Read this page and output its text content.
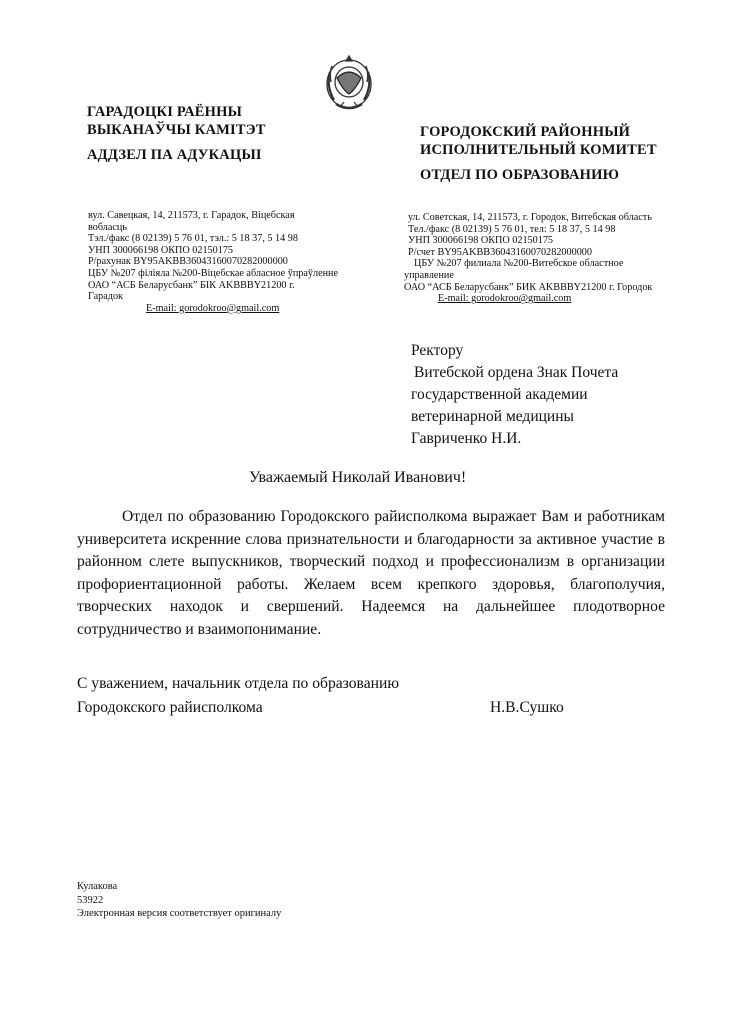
ГАРАДОЦКІ РАЁННЫ
ВЫКАНАЎЧЫ КАМІТЭТ
АДДЗЕЛ ПА АДУКАЦЫІ
ГОРОДОКСКИЙ РАЙОННЫЙ
ИСПОЛНИТЕЛЬНЫЙ КОМИТЕТ
ОТДЕЛ ПО ОБРАЗОВАНИЮ
вул. Савецкая, 14, 211573, г. Гарадок, Віцебская
вобласць
Тэл./факс (8 02139) 5 76 01, тэл.: 5 18 37, 5 14 98
УНП 300066198 ОКПО 02150175
Р/рахунак BY95AKBB36043160070282000000
ЦБУ №207 філіяла №200-Віцебскае абласное ўпраўленне
ОАО “АСБ Беларусбанк” БІК AKBBBY21200 г.
Гарадок
E-mail: gorodokroo@gmail.com
ул. Советская, 14, 211573, г. Городок, Витебская область
Тел./факс (8 02139) 5 76 01, тел: 5 18 37, 5 14 98
УНП 300066198 ОКПО 02150175
Р/счет BY95AKBB36043160070282000000
ЦБУ №207 филиала №200-Витебское областное
управление
ОАО “АСБ Беларусбанк” БИК AKBBBY21200 г. Городок
E-mail: gorodokroo@gmail.com
Ректору
Витебской ордена Знак Почета
государственной академии
ветеринарной медицины
Гавриченко Н.И.
Уважаемый Николай Иванович!

Отдел по образованию Городокского райисполкома выражает Вам и работникам университета искренние слова признательности и благодарности за активное участие в районном слете выпускников, творческий подход и профессионализм в организации профориентационной работы. Желаем всем крепкого здоровья, благополучия, творческих находок и свершений. Надеемся на дальнейшее плодотворное сотрудничество и взаимопонимание.

С уважением, начальник отдела по образованию
Городокского райисполкома	Н.В.Сушко
Кулакова
53922
Электронная версия соответствует оригиналу
